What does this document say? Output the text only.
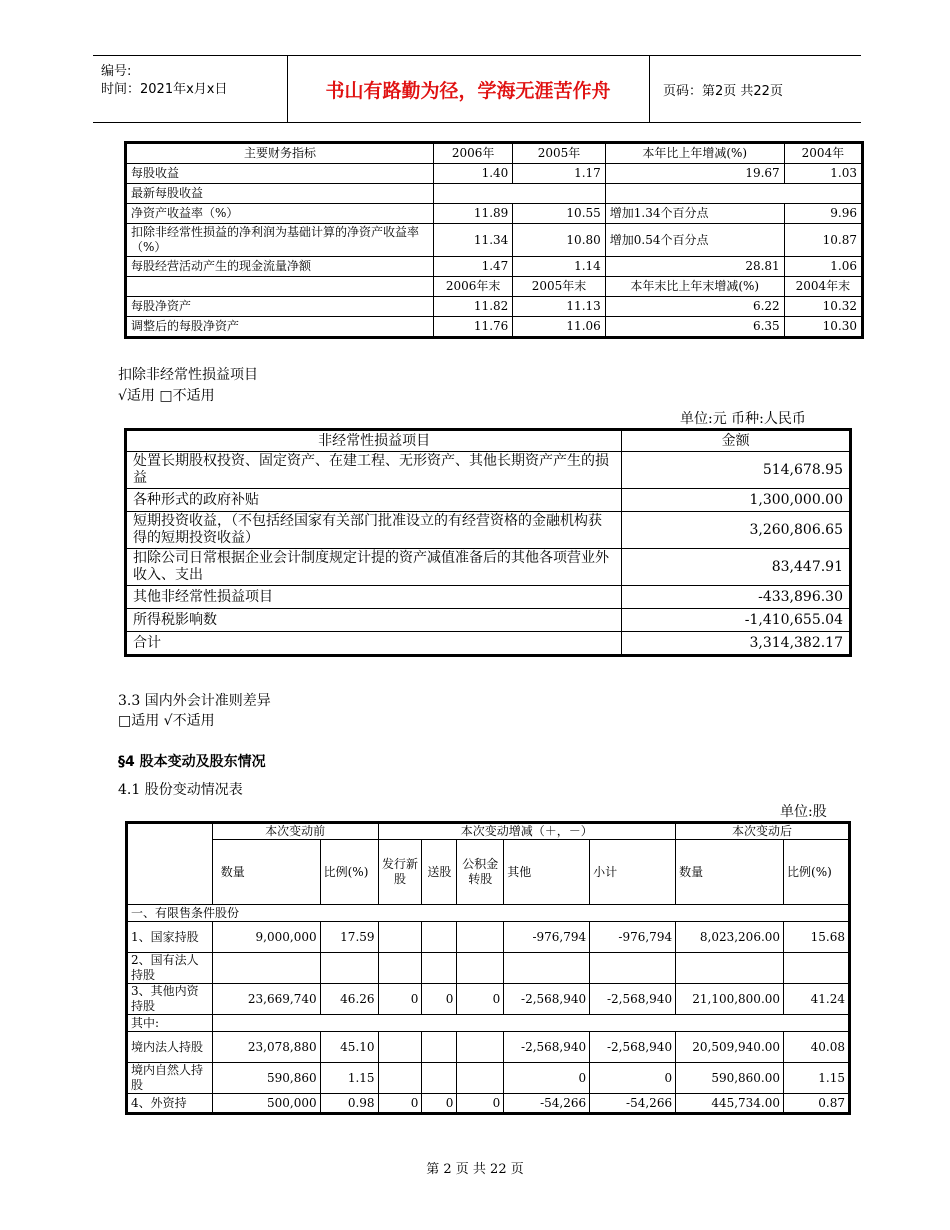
编号:
时间：2021年x月x日	书山有路勤为径，学海无涯苦作舟	页码：第2页 共22页
主要财务指标	2006年	2005年	本年比上年增减(%)	2004年
每股收益	1.40	1.17	19.67	1.03
最新每股收益				
净资产收益率（%）	11.89	10.55	增加1.34个百分点	9.96
扣除非经常性损益的净利润为基础计算的净资产收益率（%）	11.34	10.80	增加0.54个百分点	10.87
每股经营活动产生的现金流量净额	1.47	1.14	28.81	1.06
	2006年末	2005年末	本年末比上年末增减(%)	2004年末
每股净资产	11.82	11.13	6.22	10.32
调整后的每股净资产	11.76	11.06	6.35	10.30
扣除非经常性损益项目
√适用 □不适用
单位:元 币种:人民币
非经常性损益项目	金额
处置长期股权投资、固定资产、在建工程、无形资产、其他长期资产产生的损益	514,678.95
各种形式的政府补贴	1,300,000.00
短期投资收益，（不包括经国家有关部门批准设立的有经营资格的金融机构获得的短期投资收益）	3,260,806.65
扣除公司日常根据企业会计制度规定计提的资产减值准备后的其他各项营业外收入、支出	83,447.91
其他非经常性损益项目	-433,896.30
所得税影响数	-1,410,655.04
合计	3,314,382.17
3.3 国内外会计准则差异
□适用 √不适用
§4 股本变动及股东情况
4.1 股份变动情况表
单位:股
	本次变动前		本次变动增减（＋，－）					本次变动后	
	数量	比例(%)	发行新股	送股	公积金转股	其他	小计	数量	比例(%)
一、有限售条件股份									
1、国家持股	9,000,000	17.59				-976,794	-976,794	8,023,206.00	15.68
2、国有法人持股									
3、其他内资持股	23,669,740	46.26	0	0	0	-2,568,940	-2,568,940	21,100,800.00	41.24
其中:									
境内法人持股	23,078,880	45.10				-2,568,940	-2,568,940	20,509,940.00	40.08
境内自然人持股	590,860	1.15				0	0	590,860.00	1.15
4、外资持	500,000	0.98	0	0	0	-54,266	-54,266	445,734.00	0.87
第 2 页 共 22 页
